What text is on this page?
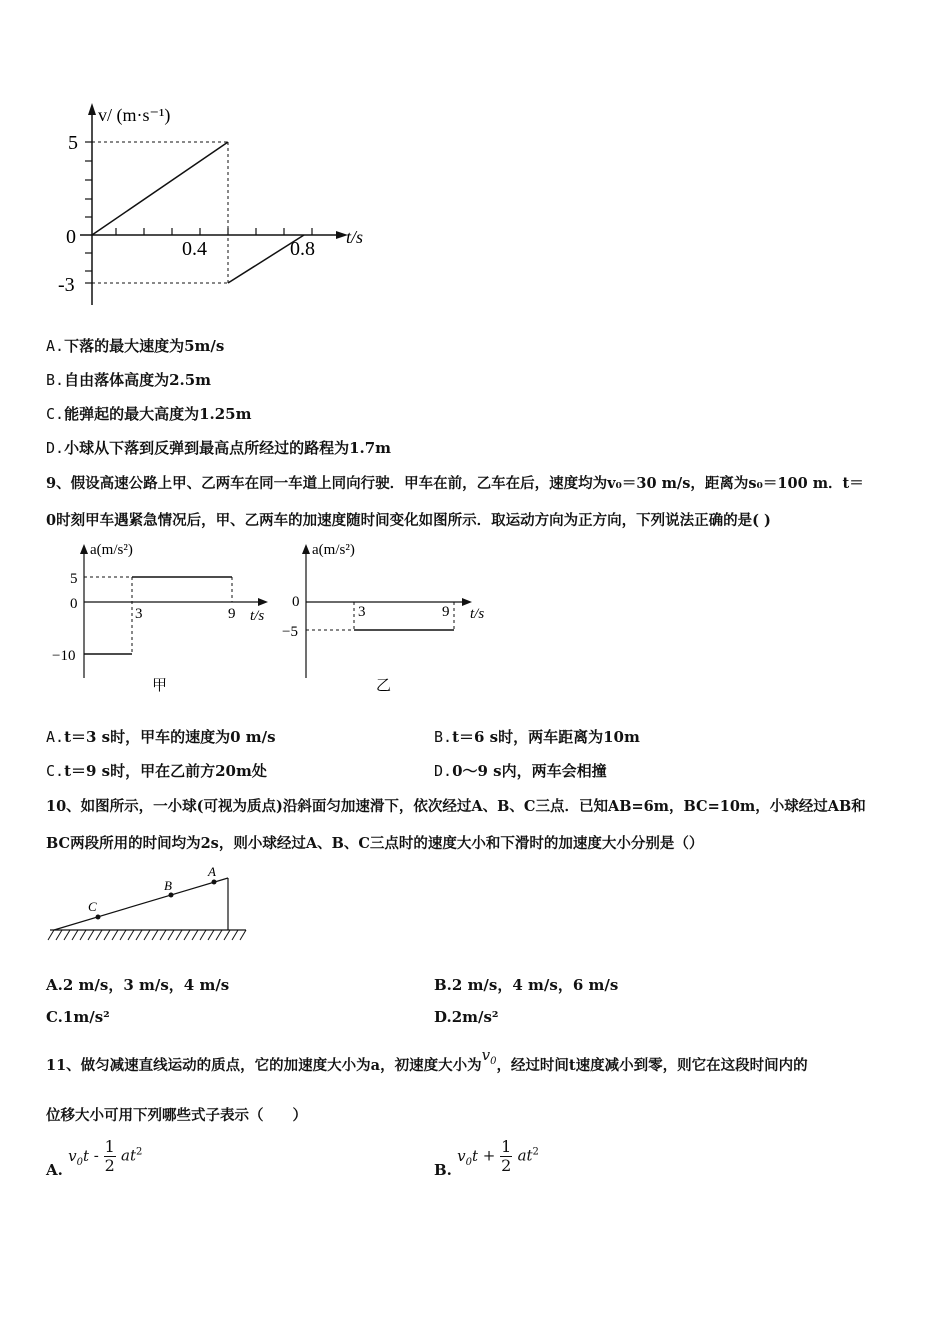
v/ (m·s⁻¹)
t/s
5
0
-3
0.4	0.8
A.下落的最大速度为5m/s
B.自由落体高度为2.5m
C.能弹起的最大高度为1.25m
D.小球从下落到反弹到最高点所经过的路程为1.7m
9、假设高速公路上甲、乙两车在同一车道上同向行驶．甲车在前，乙车在后，速度均为v₀＝30 m/s，距离为s₀＝100 m．t＝
0时刻甲车遇紧急情况后，甲、乙两车的加速度随时间变化如图所示．取运动方向为正方向，下列说法正确的是( )
a(m/s²)
t/s
5
0
−10
3	9
甲
a(m/s²)
t/s
0
−5
3	9
乙
A.t＝3 s时，甲车的速度为0 m/s	B.t＝6 s时，两车距离为10m
C.t＝9 s时，甲在乙前方20m处	D.0～9 s内，两车会相撞
10、如图所示，一小球(可视为质点)沿斜面匀加速滑下，依次经过A、B、C三点．已知AB=6m，BC=10m，小球经过AB和
BC两段所用的时间均为2s，则小球经过A、B、C三点时的速度大小和下滑时的加速度大小分别是（）
A
B
C
A.2 m/s，3 m/s，4 m/s	B.2 m/s，4 m/s，6 m/s
C.1m/s²	D.2m/s²
11、做匀减速直线运动的质点，它的加速度大小为a，初速度大小为$v_0$，经过时间t速度减小到零，则它在这段时间内的
位移大小可用下列哪些式子表示（　　）
A. $v_0t - \frac{1}{2} at^2$
B. $v_0t + \frac{1}{2} at^2$
